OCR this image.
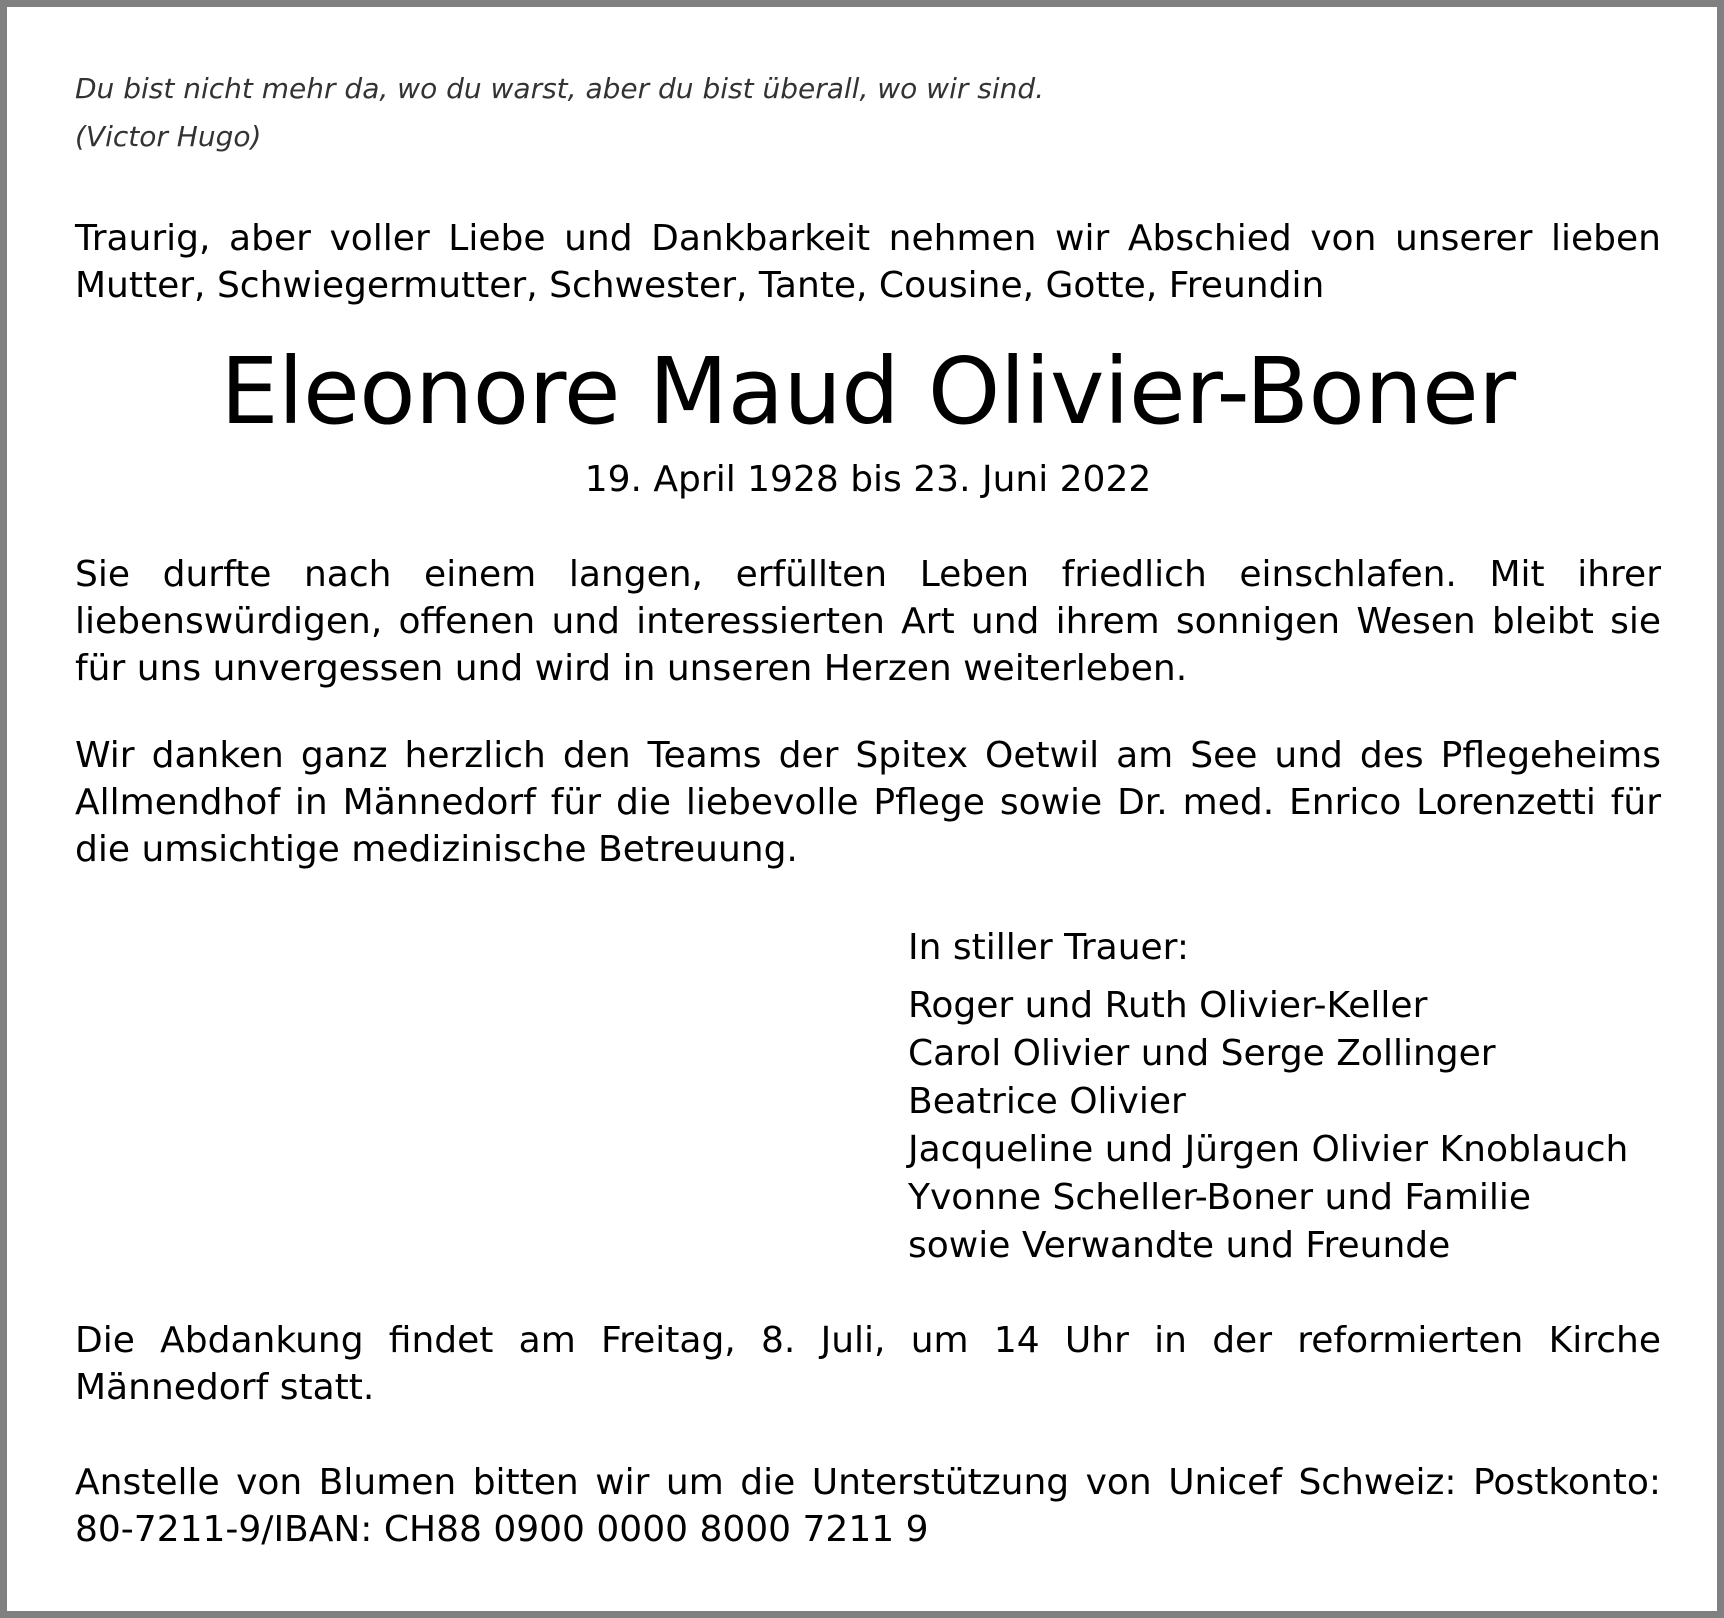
Du bist nicht mehr da, wo du warst, aber du bist überall, wo wir sind.
(Victor Hugo)
Traurig, aber voller Liebe und Dankbarkeit nehmen wir Abschied von unserer lieben Mutter, Schwiegermutter, Schwester, Tante, Cousine, Gotte, Freundin
Eleonore Maud Olivier-Boner
19. April 1928 bis 23. Juni 2022
Sie durfte nach einem langen, erfüllten Leben friedlich einschlafen. Mit ihrer liebenswürdigen, offenen und interessierten Art und ihrem sonnigen Wesen bleibt sie für uns unvergessen und wird in unseren Herzen weiterleben.
Wir danken ganz herzlich den Teams der Spitex Oetwil am See und des Pflegeheims Allmendhof in Männedorf für die liebevolle Pflege sowie Dr. med. Enrico Lorenzetti für die umsichtige medizinische Betreuung.
In stiller Trauer:
Roger und Ruth Olivier-Keller
Carol Olivier und Serge Zollinger
Beatrice Olivier
Jacqueline und Jürgen Olivier Knoblauch
Yvonne Scheller-Boner und Familie
sowie Verwandte und Freunde
Die Abdankung findet am Freitag, 8. Juli, um 14 Uhr in der reformierten Kirche Männedorf statt.
Anstelle von Blumen bitten wir um die Unterstützung von Unicef Schweiz: Postkonto: 80-7211-9/IBAN: CH88 0900 0000 8000 7211 9
